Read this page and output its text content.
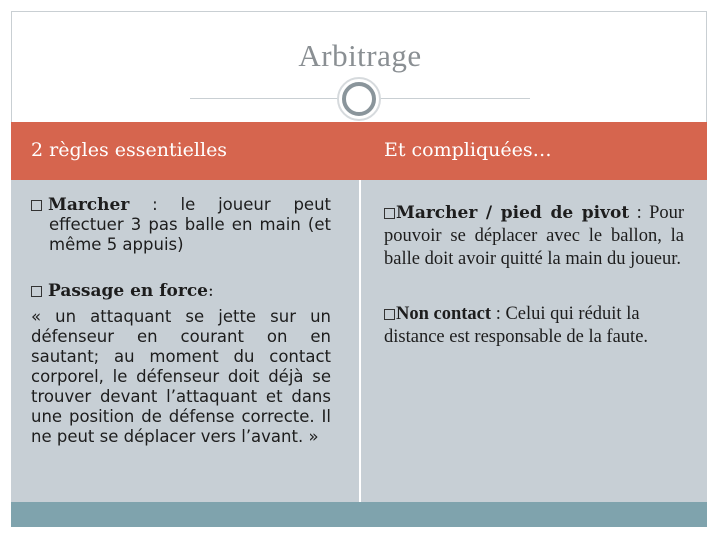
Arbitrage
2 règles essentielles	Et compliquées…
Marcher : le joueur peut effectuer 3 pas balle en main (et même 5 appuis)
Passage en force:
« un attaquant se jette sur un défenseur en courant on en sautant; au moment du contact corporel, le défenseur doit déjà se trouver devant l’attaquant et dans une position de défense correcte. Il ne peut se déplacer vers l’avant. »
Marcher / pied de pivot : Pour pouvoir se déplacer avec le ballon, la balle doit avoir quitté la main du joueur.
Non contact : Celui qui réduit la distance est responsable de la faute.
